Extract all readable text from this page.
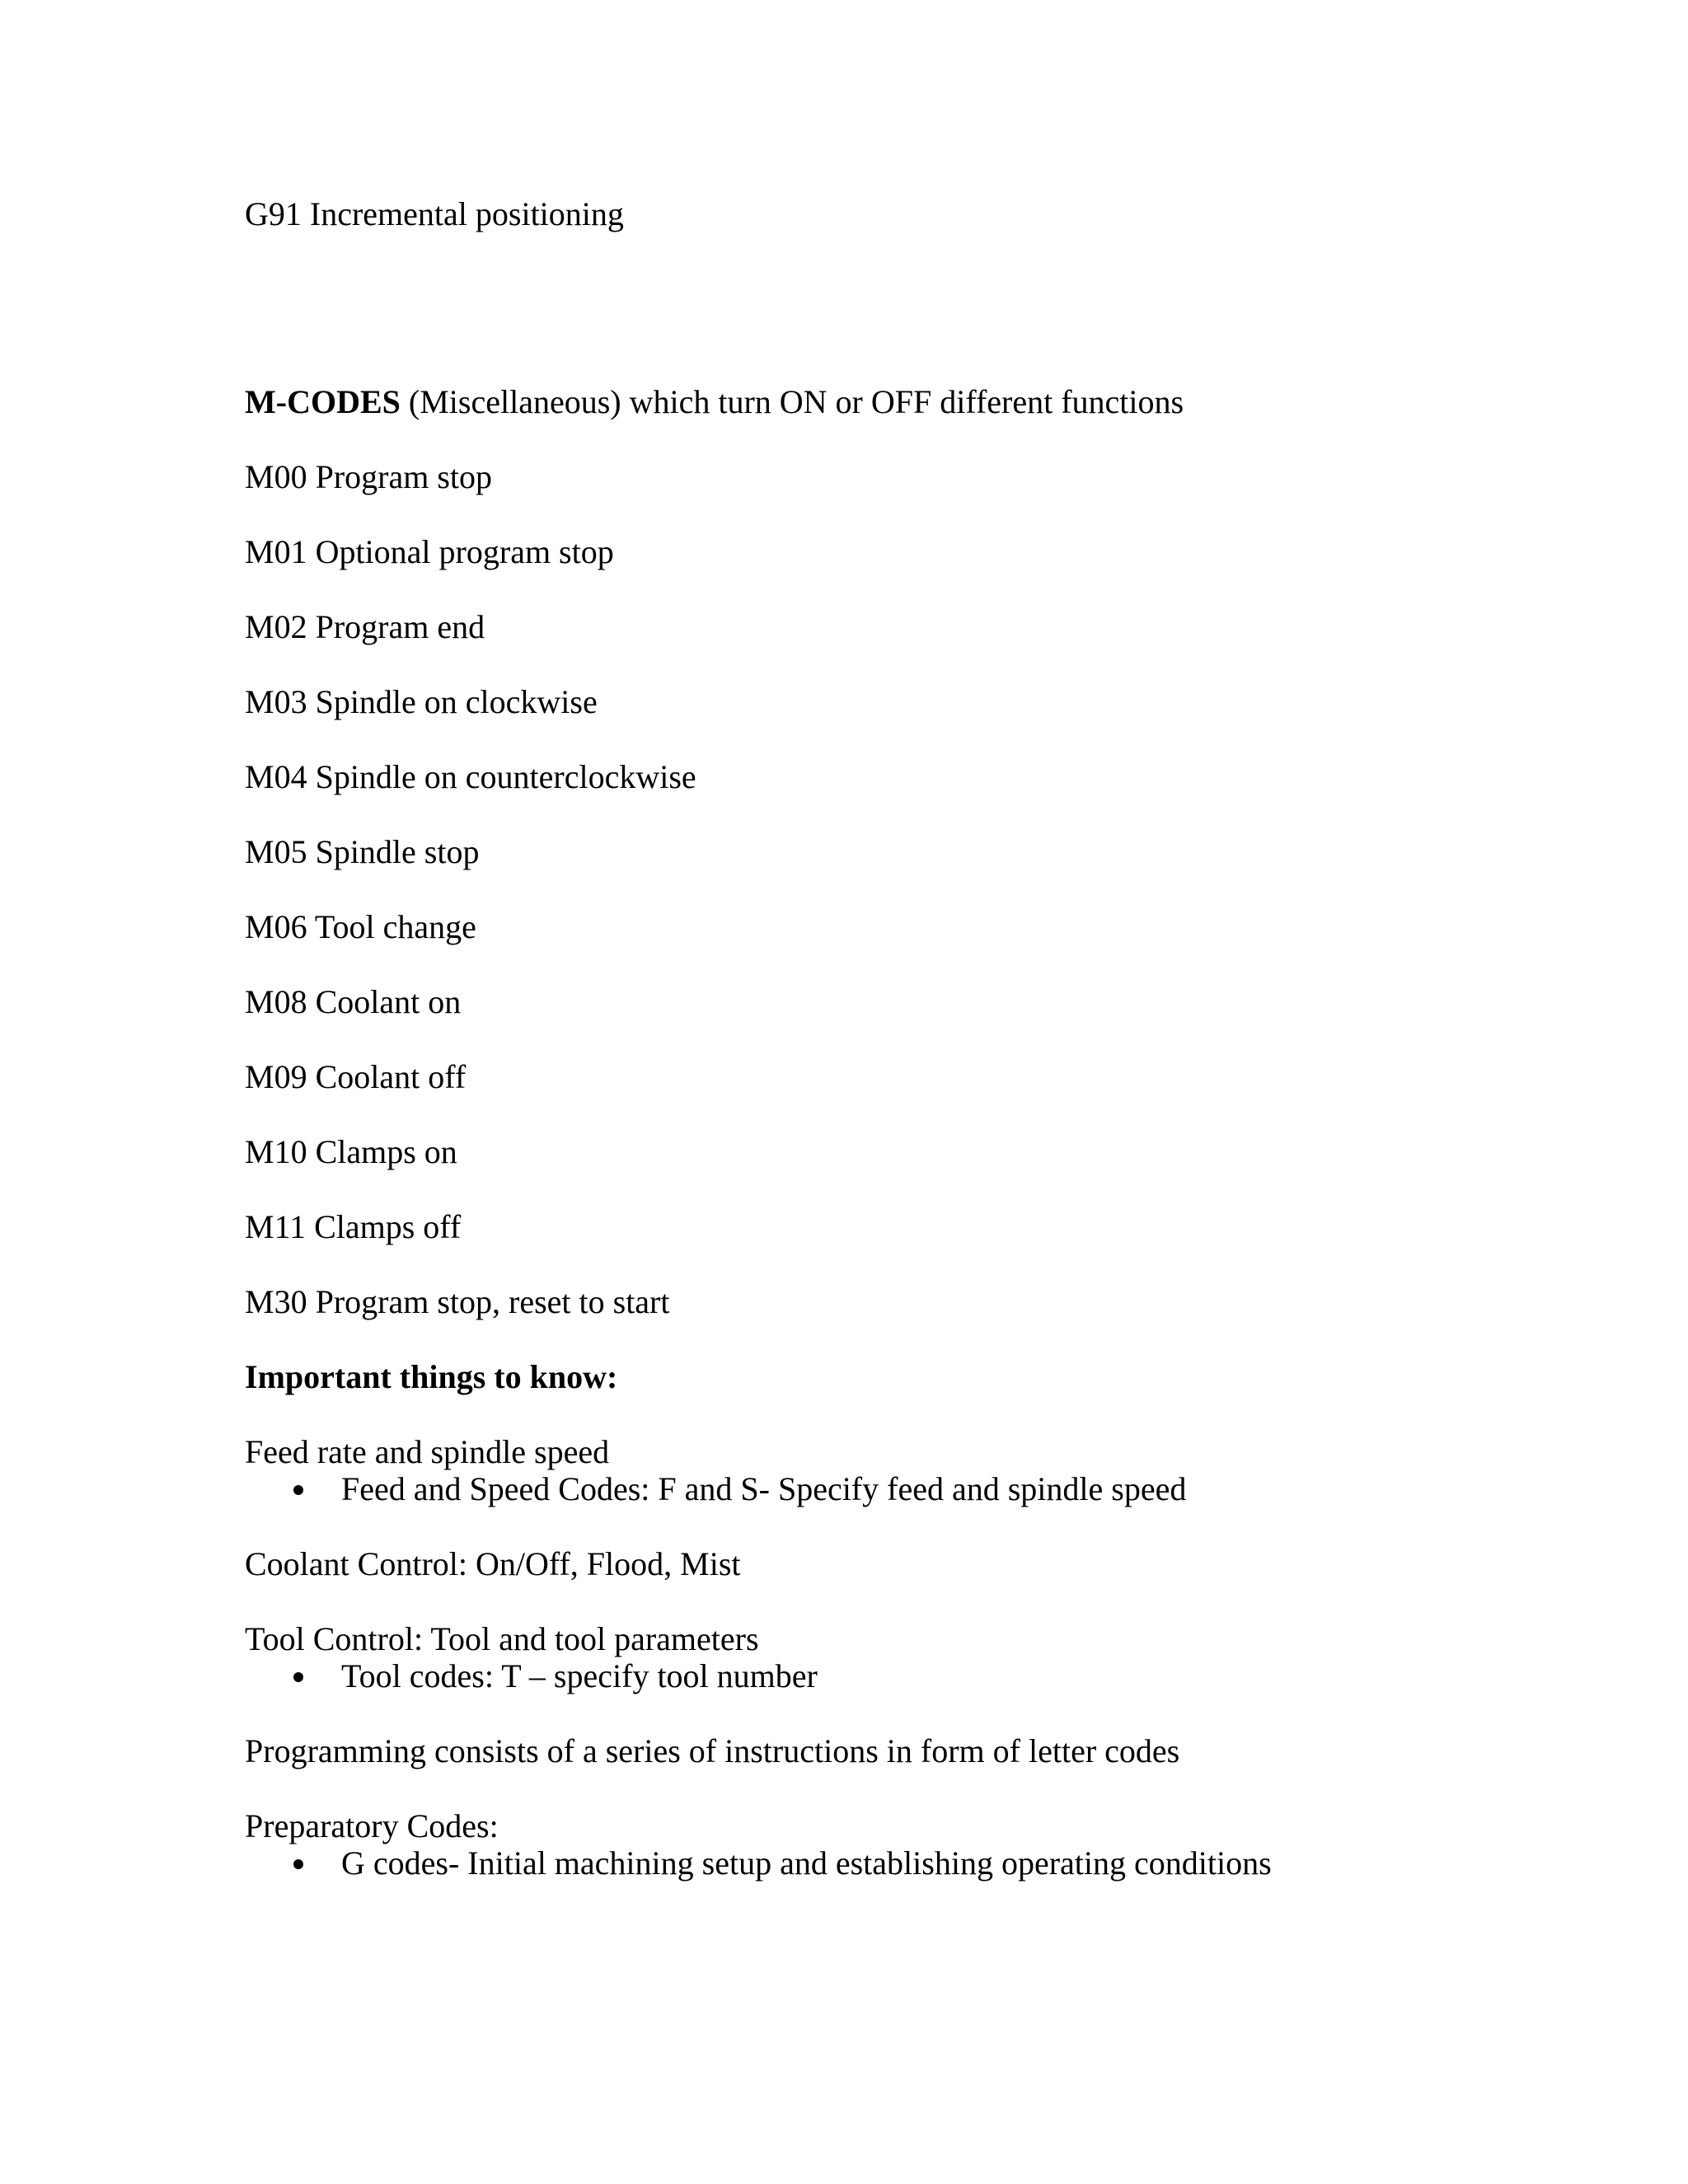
G91 Incremental positioning
M-CODES (Miscellaneous) which turn ON or OFF different functions
M00 Program stop
M01 Optional program stop
M02 Program end
M03 Spindle on clockwise
M04 Spindle on counterclockwise
M05 Spindle stop
M06 Tool change
M08 Coolant on
M09 Coolant off
M10 Clamps on
M11 Clamps off
M30 Program stop, reset to start
Important things to know:
Feed rate and spindle speed
Feed and Speed Codes: F and S- Specify feed and spindle speed
Coolant Control: On/Off, Flood, Mist
Tool Control: Tool and tool parameters
Tool codes: T – specify tool number
Programming consists of a series of instructions in form of letter codes
Preparatory Codes:
G codes- Initial machining setup and establishing operating conditions
